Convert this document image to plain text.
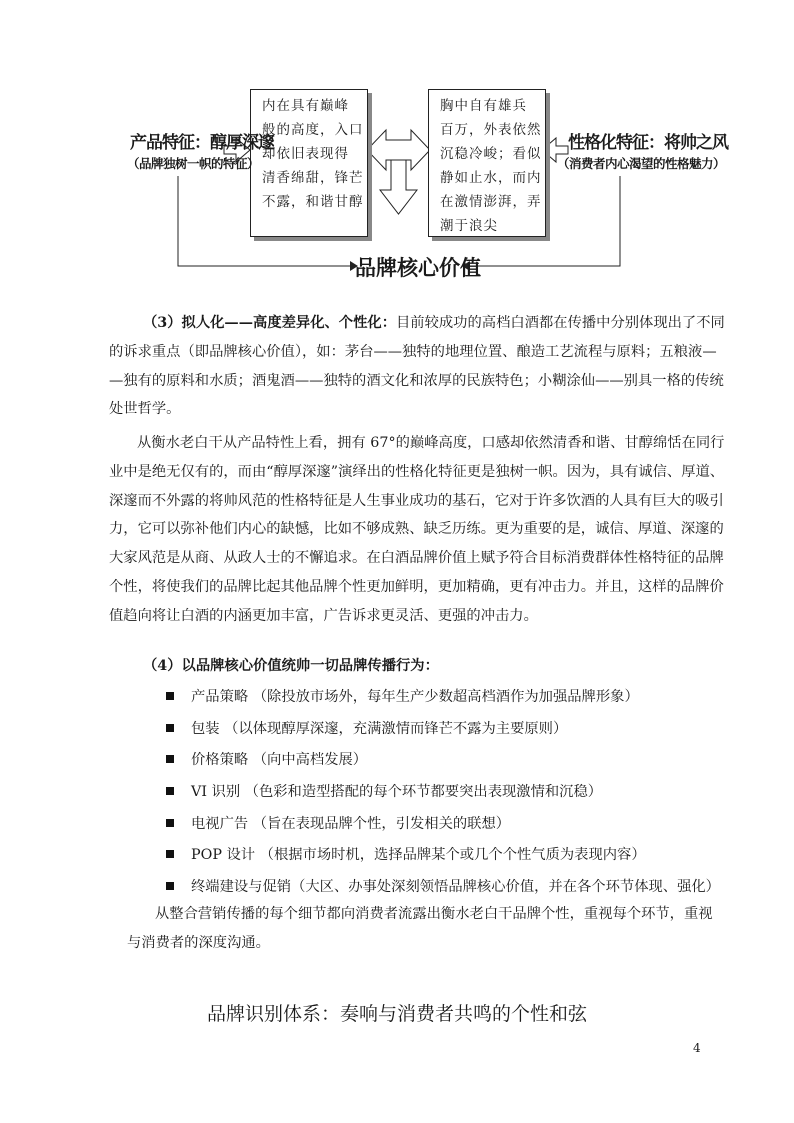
内在具有巅峰
般的高度，入口
却依旧表现得
清香绵甜，锋芒
不露，和谐甘醇
胸中自有雄兵
百万，外表依然
沉稳冷峻；看似
静如止水，而内
在激情澎湃，弄
潮于浪尖
产品特征：醇厚深邃
（品牌独树一帜的特征）
性格化特征：将帅之风
（消费者内心渴望的性格魅力）
品牌核心价值
（3）拟人化——高度差异化、个性化：目前较成功的高档白酒都在传播中分别体现出了不同
的诉求重点（即品牌核心价值），如：茅台——独特的地理位置、酿造工艺流程与原料；五粮液—
—独有的原料和水质；酒鬼酒——独特的酒文化和浓厚的民族特色；小糊涂仙——别具一格的传统
处世哲学。
从衡水老白干从产品特性上看，拥有 67°的巅峰高度，口感却依然清香和谐、甘醇绵恬在同行
业中是绝无仅有的，而由“醇厚深邃”演绎出的性格化特征更是独树一帜。因为，具有诚信、厚道、
深邃而不外露的将帅风范的性格特征是人生事业成功的基石，它对于许多饮酒的人具有巨大的吸引
力，它可以弥补他们内心的缺憾，比如不够成熟、缺乏历练。更为重要的是，诚信、厚道、深邃的
大家风范是从商、从政人士的不懈追求。在白酒品牌价值上赋予符合目标消费群体性格特征的品牌
个性，将使我们的品牌比起其他品牌个性更加鲜明，更加精确，更有冲击力。并且，这样的品牌价
值趋向将让白酒的内涵更加丰富，广告诉求更灵活、更强的冲击力。
（4）以品牌核心价值统帅一切品牌传播行为：
产品策略 （除投放市场外，每年生产少数超高档酒作为加强品牌形象）
包装 （以体现醇厚深邃，充满激情而锋芒不露为主要原则）
价格策略 （向中高档发展）
VI 识别 （色彩和造型搭配的每个环节都要突出表现激情和沉稳）
电视广告 （旨在表现品牌个性，引发相关的联想）
POP 设计 （根据市场时机，选择品牌某个或几个个性气质为表现内容）
终端建设与促销（大区、办事处深刻领悟品牌核心价值，并在各个环节体现、强化）
从整合营销传播的每个细节都向消费者流露出衡水老白干品牌个性，重视每个环节，重视
与消费者的深度沟通。
品牌识别体系：奏响与消费者共鸣的个性和弦
4
